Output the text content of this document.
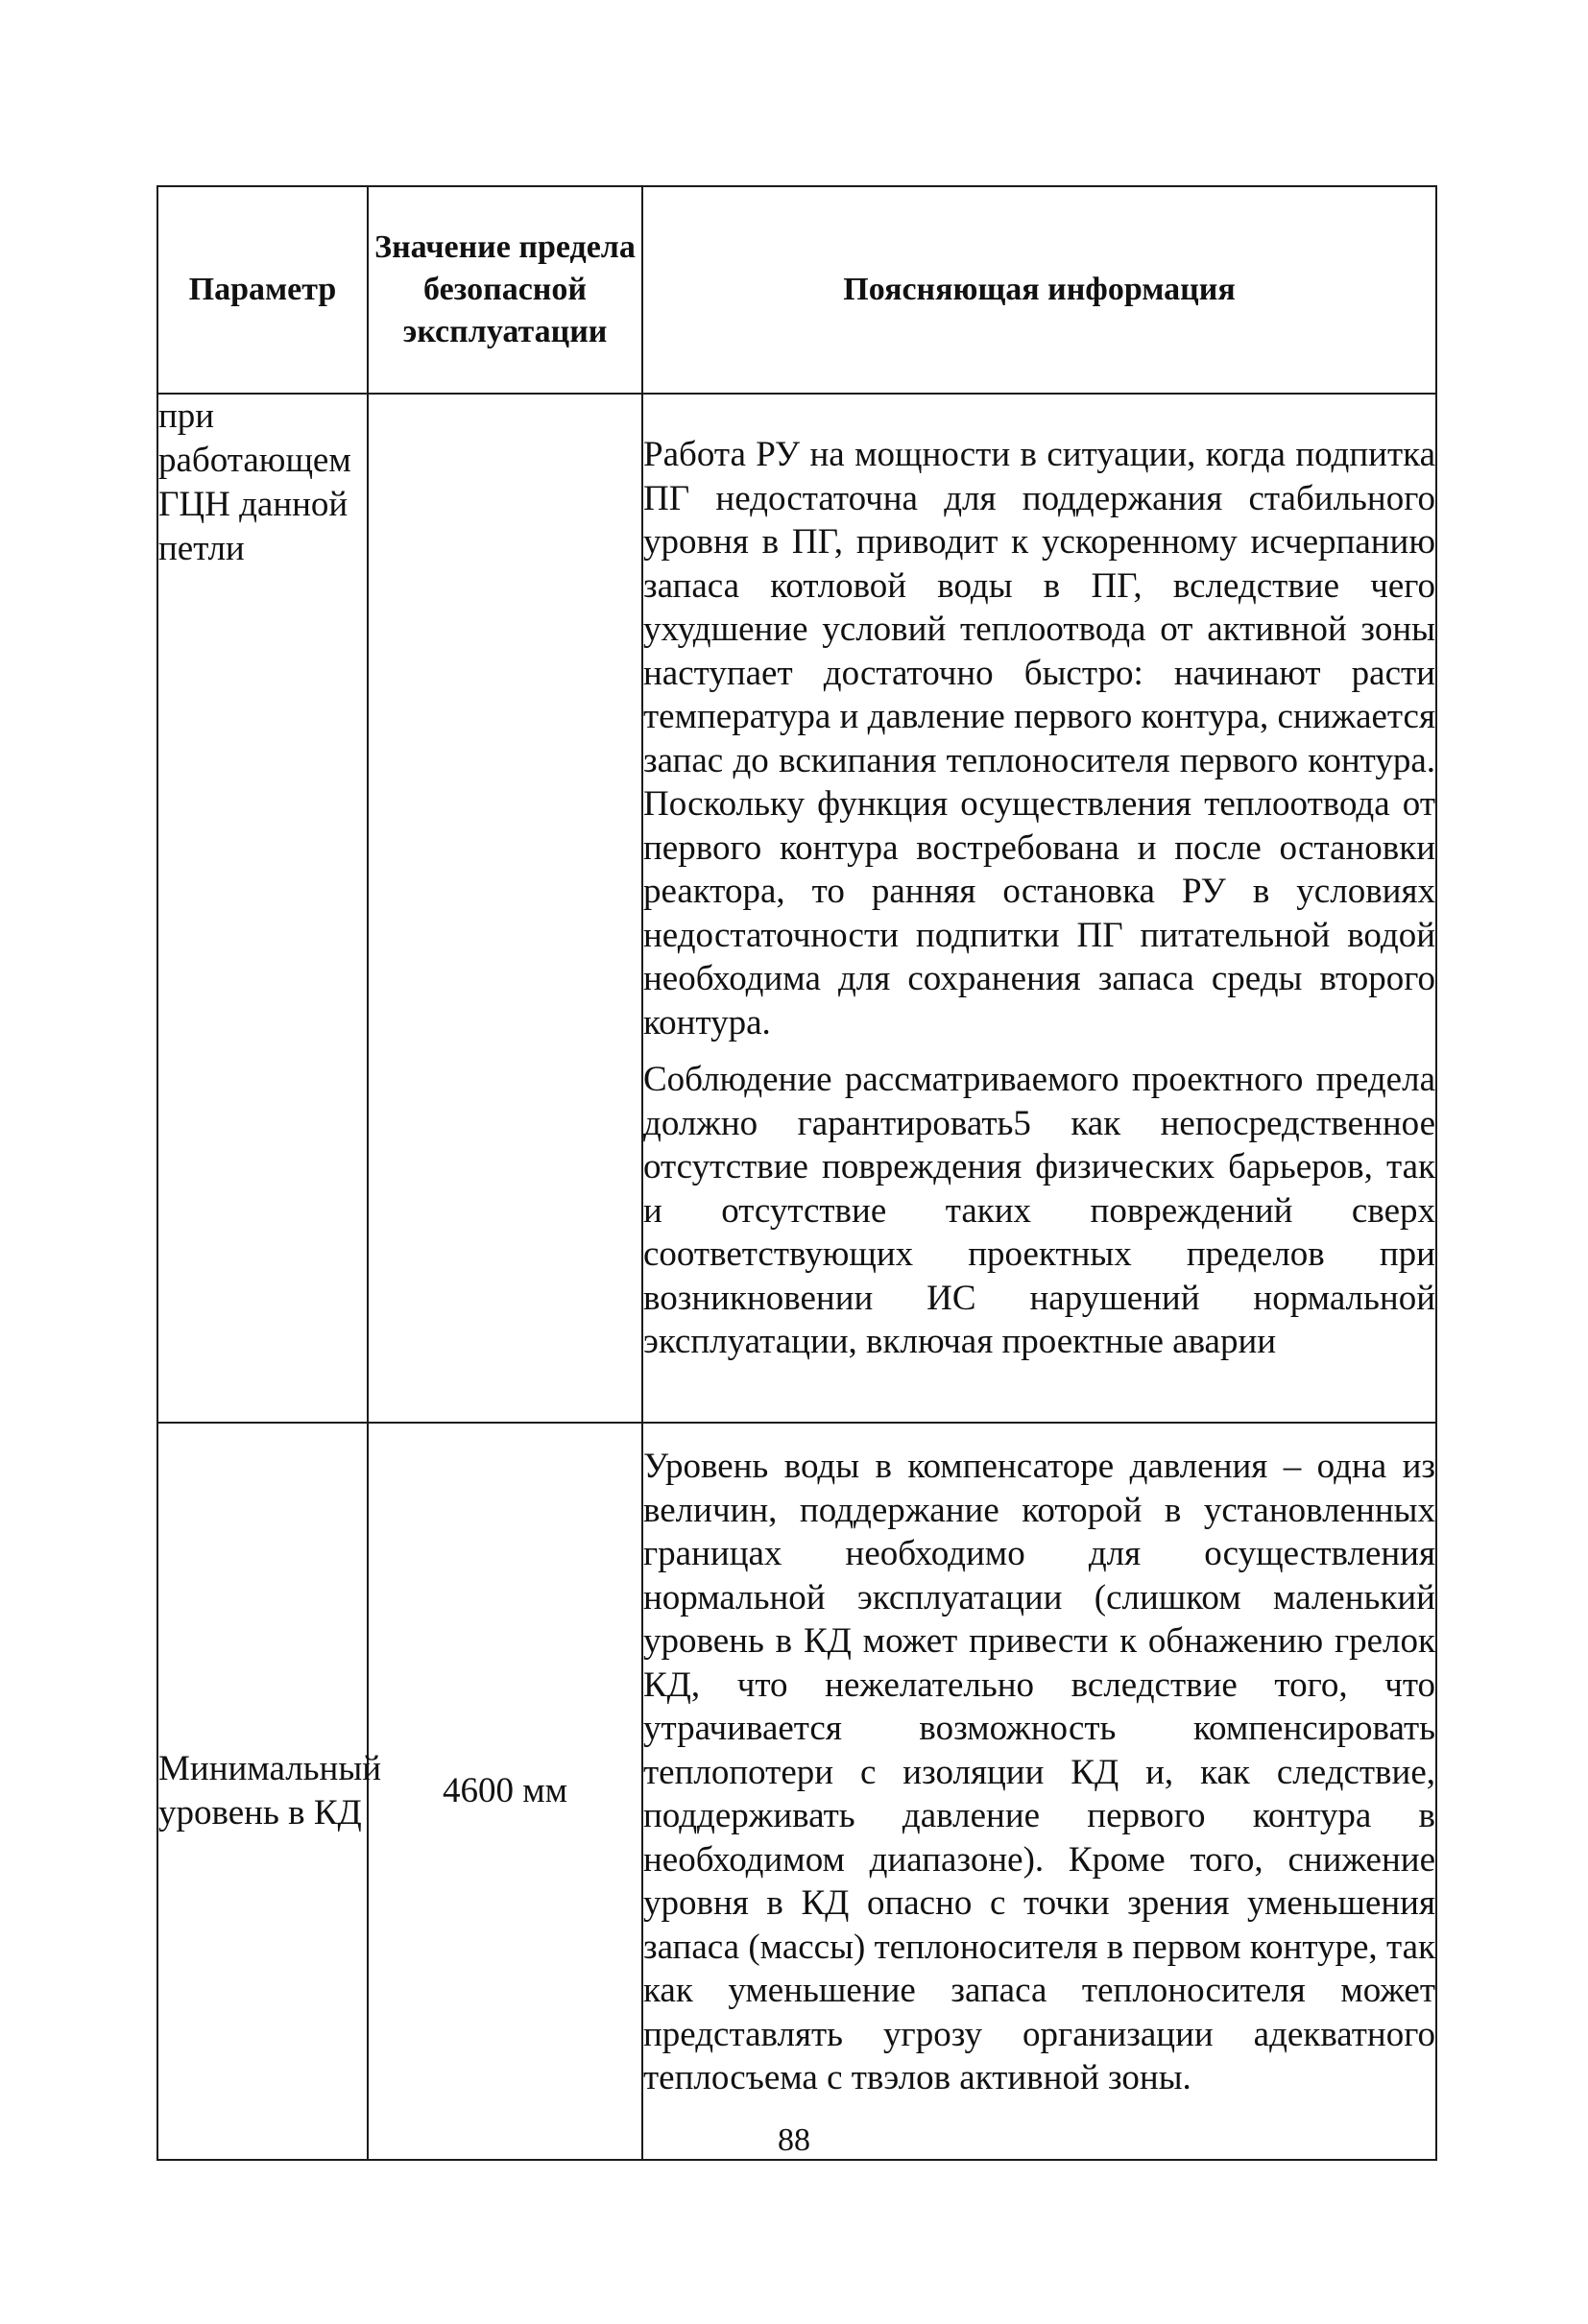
Параметр	Значение предела безопасной эксплуатации	Поясняющая информация
при работающем ГЦН данной петли		Работа РУ на мощности в ситуации, когда подпитка ПГ недостаточна для поддержания стабильного уровня в ПГ, приводит к ускоренному исчерпанию запаса котловой воды в ПГ, вследствие чего ухудшение условий теплоотвода от активной зоны наступает достаточно быстро: начинают расти температура и давление первого контура, снижается запас до вскипания теплоносителя первого контура. Поскольку функция осуществления теплоотвода от первого контура востребована и после остановки реактора, то ранняя остановка РУ в условиях недостаточности подпитки ПГ питательной водой необходима для сохранения запаса среды второго контура.

Соблюдение рассматриваемого проектного предела должно гарантировать5 как непосредственное отсутствие повреждения физических барьеров, так и отсутствие таких повреждений сверх соответствующих проектных пределов при возникновении ИС нарушений нормальной эксплуатации, включая проектные аварии

Минимальный уровень в КД	4600 мм	Уровень воды в компенсаторе давления – одна из величин, поддержание которой в установленных границах необходимо для осуществления нормальной эксплуатации (слишком маленький уровень в КД может привести к обнажению грелок КД, что нежелательно вследствие того, что утрачивается возможность компенсировать теплопотери с изоляции КД и, как следствие, поддерживать давление первого контура в необходимом диапазоне). Кроме того, снижение уровня в КД опасно с точки зрения уменьшения запаса (массы) теплоносителя в первом контуре, так как уменьшение запаса теплоносителя может представлять угрозу организации адекватного теплосъема с твэлов активной зоны.

88
